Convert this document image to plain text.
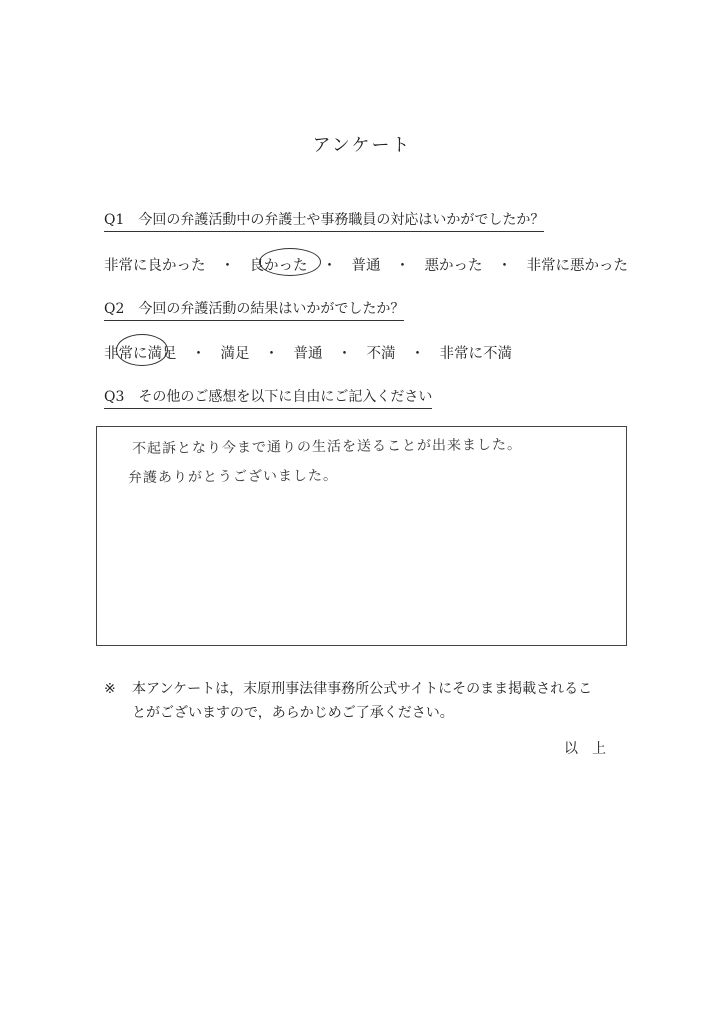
アンケート
Q1　今回の弁護活動中の弁護士や事務職員の対応はいかがでしたか？
非常に良かった	・	良かった	・	普通	・	悪かった	・	非常に悪かった
Q2　今回の弁護活動の結果はいかがでしたか？
非常に満足	・	満足	・	普通	・	不満	・	非常に不満
Q3　その他のご感想を以下に自由にご記入ください
不起訴となり今まで通りの生活を送ることが出来ました。
弁護ありがとうございました。
※ 本アンケートは，末原刑事法律事務所公式サイトにそのまま掲載されるこ
とがございますので，あらかじめご了承ください。
以上
